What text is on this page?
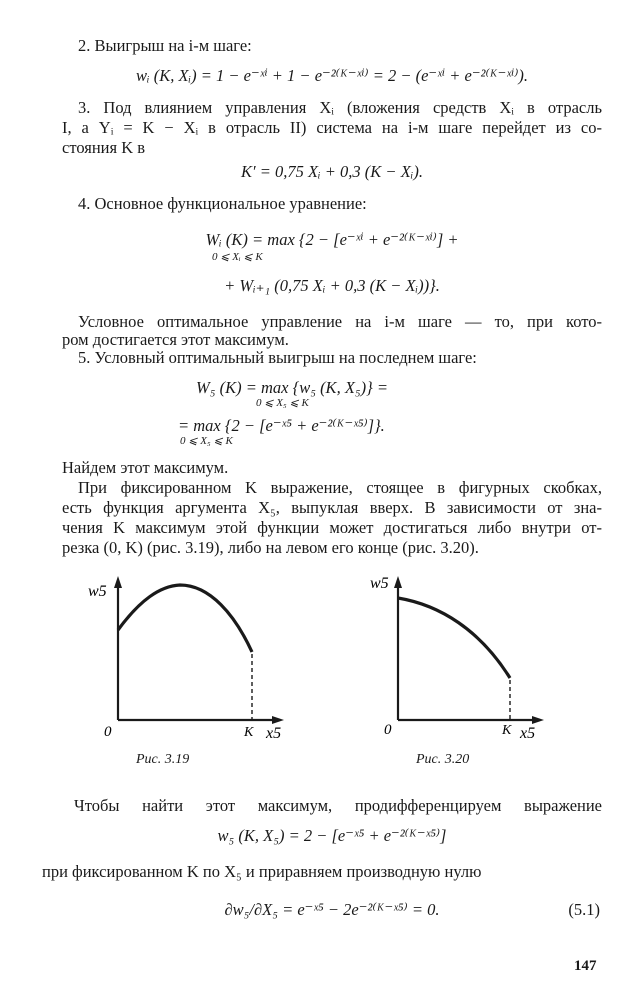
2. Выигрыш на i-м шаге:
wᵢ (K, Xᵢ) = 1 − e⁻ˣⁱ + 1 − e⁻²⁽ᴷ⁻ˣⁱ⁾ = 2 − (e⁻ˣⁱ + e⁻²⁽ᴷ⁻ˣⁱ⁾).
3. Под влиянием управления Xᵢ (вложения средств Xᵢ в отрасль
I, а Yᵢ = K − Xᵢ в отрасль II) система на i-м шаге перейдет из со-
стояния K в
K′ = 0,75 Xᵢ + 0,3 (K − Xᵢ).
4. Основное функциональное уравнение:
Wᵢ (K) = max {2 − [e⁻ˣⁱ + e⁻²⁽ᴷ⁻ˣⁱ⁾] +
0 ⩽ Xᵢ ⩽ K
+ Wᵢ₊₁ (0,75 Xᵢ + 0,3 (K − Xᵢ))}.
Условное оптимальное управление на i-м шаге — то, при кото-
ром достигается этот максимум.
5. Условный оптимальный выигрыш на последнем шаге:
W₅ (K) = max {w₅ (K, X₅)} =
0 ⩽ X₅ ⩽ K
= max {2 − [e⁻ˣ⁵ + e⁻²⁽ᴷ⁻ˣ⁵⁾]}.
0 ⩽ X₅ ⩽ K
Найдем этот максимум.
При фиксированном K выражение, стоящее в фигурных скобках,
есть функция аргумента X₅, выпуклая вверх. В зависимости от зна-
чения K максимум этой функции может достигаться либо внутри от-
резка (0, K) (рис. 3.19), либо на левом его конце (рис. 3.20).
w5
0	K x5
Рис. 3.19
w5
0	K x5
Рис. 3.20
Чтобы найти этот максимум, продифференцируем выражение
w₅ (K, X₅) = 2 − [e⁻ˣ⁵ + e⁻²⁽ᴷ⁻ˣ⁵⁾]
при фиксированном K по X₅ и приравняем производную нулю
∂w₅/∂X₅ = e⁻ˣ⁵ − 2e⁻²⁽ᴷ⁻ˣ⁵⁾ = 0.	(5.1)
147
